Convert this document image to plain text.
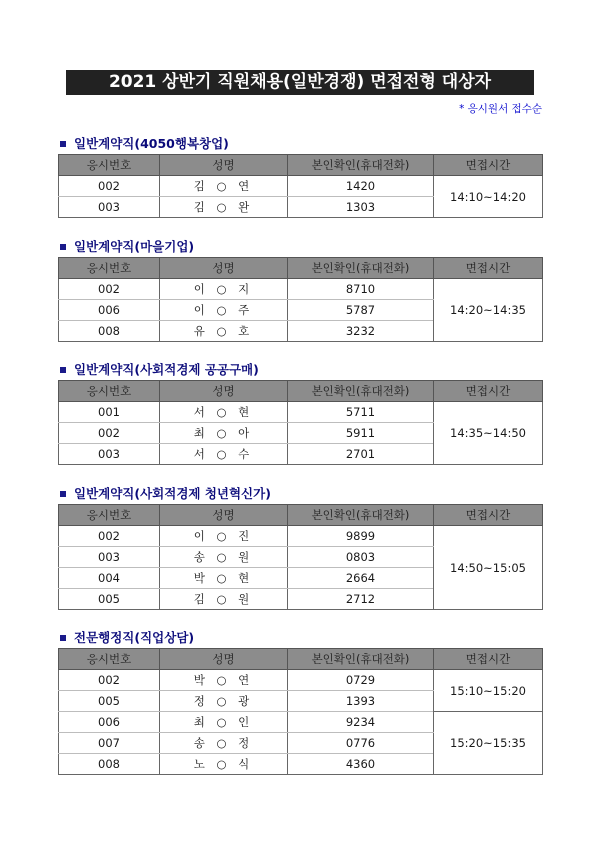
2021 상반기 직원채용(일반경쟁) 면접전형 대상자
* 응시원서 접수순
일반계약직(4050행복창업)
응시번호	성명	본인확인(휴대전화)	면접시간
002	김 ○ 연	1420	14:10~14:20
003	김 ○ 완	1303	
일반계약직(마을기업)
응시번호	성명	본인확인(휴대전화)	면접시간
002	이 ○ 지	8710	14:20~14:35
006	이 ○ 주	5787	
008	유 ○ 호	3232	
일반계약직(사회적경제 공공구매)
응시번호	성명	본인확인(휴대전화)	면접시간
001	서 ○ 현	5711	14:35~14:50
002	최 ○ 아	5911	
003	서 ○ 수	2701	
일반계약직(사회적경제 청년혁신가)
응시번호	성명	본인확인(휴대전화)	면접시간
002	이 ○ 진	9899	14:50~15:05
003	송 ○ 원	0803	
004	박 ○ 현	2664	
005	김 ○ 원	2712	
전문행정직(직업상담)
응시번호	성명	본인확인(휴대전화)	면접시간
002	박 ○ 연	0729	15:10~15:20
005	정 ○ 광	1393	
006	최 ○ 인	9234	15:20~15:35
007	송 ○ 정	0776	
008	노 ○ 식	4360	
